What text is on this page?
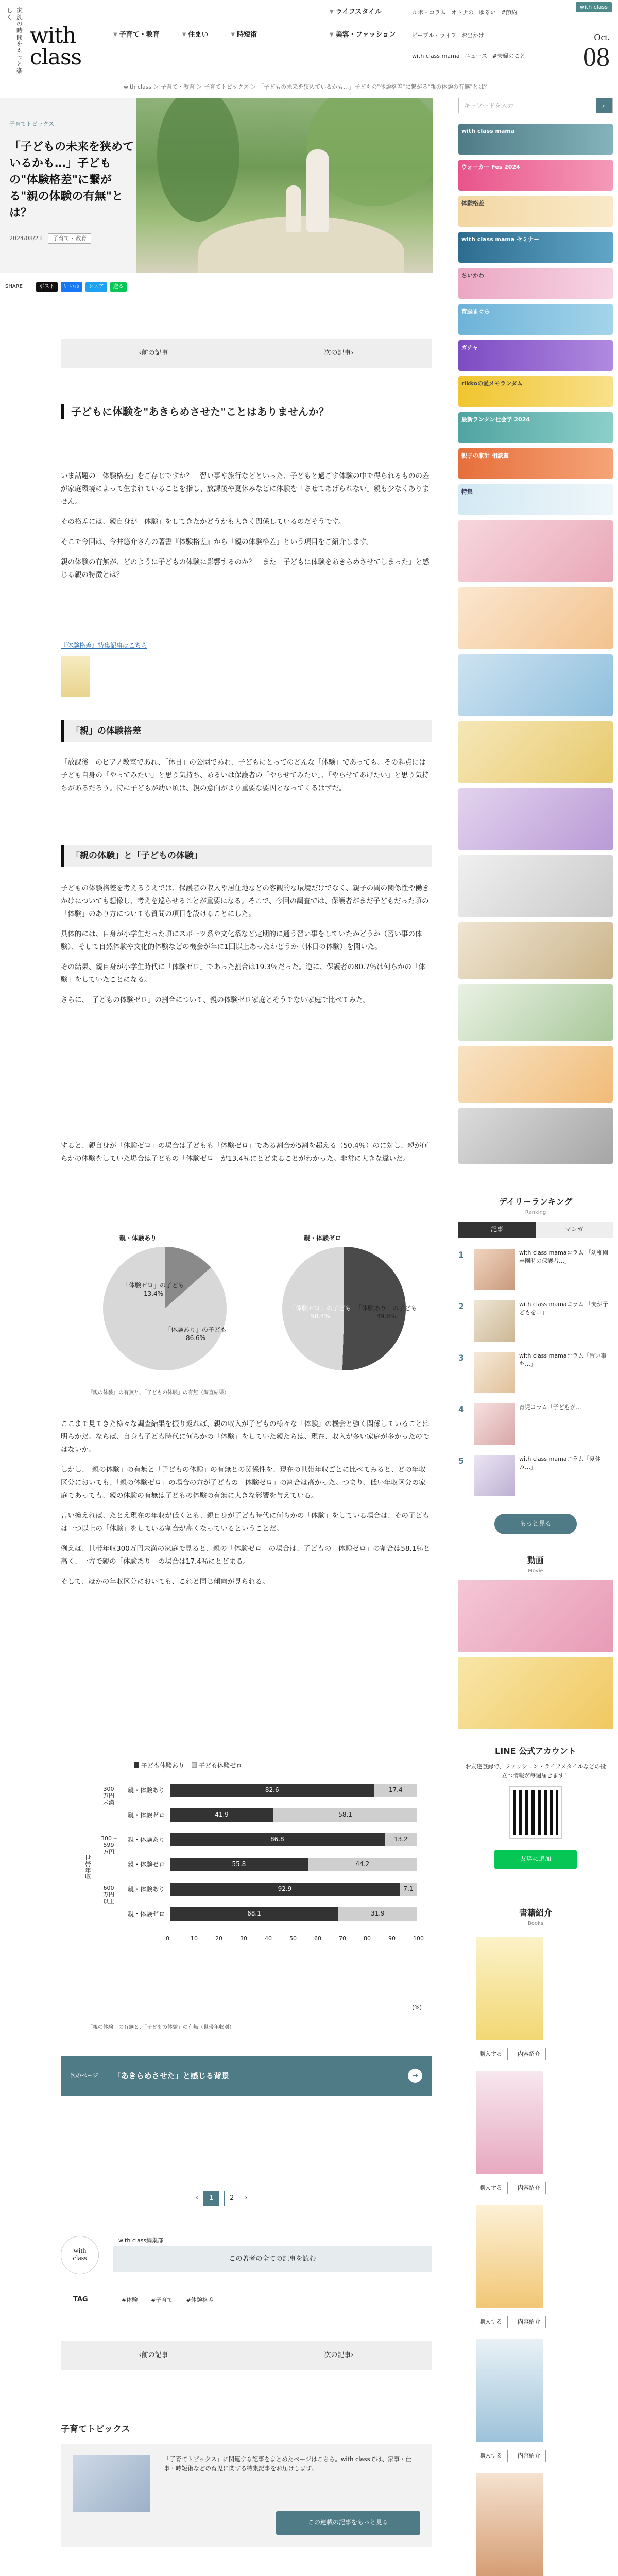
家族の時間をもっと楽しく
with
class
▼ 子育て・教育	▼ 住まい	▼ 時短術
▼ ライフスタイル
▼ 美容・ファッション
ルポ・コラム オトナの ゆるい #節約
ピープル・ライフ お出かけ
with class mama ニュース #夫婦のこと
with class
Oct.
08
with class ＞ 子育て・教育 ＞ 子育てトピックス ＞ 「子どもの未来を狭めているかも…」子どもの"体験格差"に繋がる"親の体験の有無"とは？
子育てトピックス
「子どもの未来を狭めているかも…」子どもの"体験格差"に繋がる"親の体験の有無"とは？
2024/08/23	子育て・教育
SHARE	ポスト	いいね	シェア	送る
‹ 前の記事	次の記事 ›
子どもに体験を"あきらめさせた"ことはありませんか？

いま話題の「体験格差」をご存じですか？　習い事や旅行などといった、子どもと過ごす体験の中で得られるものの差が家庭環境によって生まれていることを指し、放課後や夏休みなどに体験を「させてあげられない」親も少なくありません。

その格差には、親自身が「体験」をしてきたかどうかも大きく関係しているのだそうです。

そこで今回は、今井悠介さんの著書『体験格差』から「親の体験格差」という項目をご紹介します。

親の体験の有無が、どのように子どもの体験に影響するのか？　また「子どもに体験をあきらめさせてしまった」と感じる親の特徴とは？

『体験格差』特集記事はこちら
「親」の体験格差

「放課後」のピアノ教室であれ、「休日」の公園であれ、子どもにとってのどんな「体験」であっても、その起点には子ども自身の「やってみたい」と思う気持ち、あるいは保護者の「やらせてみたい」、「やらせてあげたい」と思う気持ちがあるだろう。特に子どもが幼い頃は、親の意向がより重要な要因となってくるはずだ。

「親の体験」と「子どもの体験」

子どもの体験格差を考えるうえでは、保護者の収入や居住地などの客観的な環境だけでなく、親子の間の関係性や働きかけについても想像し、考えを巡らせることが重要になる。そこで、今回の調査では、保護者がまだ子どもだった頃の「体験」のあり方についても質問の項目を設けることにした。

具体的には、自身が小学生だった頃にスポーツ系や文化系など定期的に通う習い事をしていたかどうか（習い事の体験）、そして自然体験や文化的体験などの機会が年に1回以上あったかどうか（休日の体験）を聞いた。

その結果、親自身が小学生時代に「体験ゼロ」であった割合は19.3％だった。逆に、保護者の80.7％は何らかの「体験」をしていたことになる。

さらに、「子どもの体験ゼロ」の割合について、親の体験ゼロ家庭とそうでない家庭で比べてみた。

すると、親自身が「体験ゼロ」の場合は子どもも「体験ゼロ」である割合が5割を超える（50.4％）のに対し、親が何らかの体験をしていた場合は子どもの「体験ゼロ」が13.4％にとどまることがわかった。非常に大きな違いだ。

親・体験あり
「体験ゼロ」の子ども
13.4%
「体験あり」の子ども
86.6%
親・体験ゼロ
「体験ゼロ」の子ども
50.4%
「体験あり」の子ども
49.6%
『親の体験』の有無と、「子どもの体験」の有無（調査結果）

ここまで見てきた様々な調査結果を振り返れば、親の収入が子どもの様々な「体験」の機会と強く関係していることは明らかだ。ならば、自身も子ども時代に何らかの「体験」をしていた親たちは、現在、収入が多い家庭が多かったのではないか。

しかし、「親の体験」の有無と「子どもの体験」の有無との関係性を、現在の世帯年収ごとに比べてみると、どの年収区分においても、「親の体験ゼロ」の場合の方が子どもの「体験ゼロ」の割合は高かった。つまり、低い年収区分の家庭であっても、親の体験の有無は子どもの体験の有無に大きな影響を与えている。

言い換えれば、たとえ現在の年収が低くとも、親自身が子ども時代に何らかの「体験」をしている場合は、その子どもは一つ以上の「体験」をしている割合が高くなっているということだ。

例えば、世帯年収300万円未満の家庭で見ると、親の「体験ゼロ」の場合は、子どもの「体験ゼロ」の割合は58.1％と高く、一方で親の「体験あり」の場合は17.4％にとどまる。

そして、ほかの年収区分においても、これと同じ傾向が見られる。

子ども体験あり	子ども体験ゼロ
世帯年収
親・体験あり	82.6	17.4
親・体験ゼロ	41.9	58.1
親・体験あり	86.8	13.2
親・体験ゼロ	55.8	44.2
親・体験あり	92.9	7.1
親・体験ゼロ	68.1	31.9
300万円未満
300〜599万円
600万円以上
0	10	20	30	40	50	60	70	80	90	100
(%)
「親の体験」の有無と、「子どもの体験」の有無（世帯年収別）
次のページ	「あきらめさせた」と感じる背景	→
‹	1	2	›
with
class
with class編集部
この著者の全ての記事を読む
TAG	#体験 #子育て #体験格差
‹ 前の記事	次の記事 ›
子育てトピックス
「子育てトピックス」に関連する記事をまとめたページはこちら。with classでは、家事・仕事・時短術などの育児に関する特集記事をお届けします。
この連載の記事をもっと見る
キーワードを入力	⌕
with class mama
ウォーカー Fes 2024
体験格差
with class mama セミナー
ちいかわ
育脳まぐら
ガチャ
rikkoの愛メモランダム
最新ランタン社会学 2024
親子の家計 相談室
特集
デイリーランキング
Ranking
記事	マンガ
1	with class mamaコラム 「幼稚園卒園時の保護者…」
2	with class mamaコラム 「夫が子どもを…」
3	with class mamaコラム「習い事を…」
4	育児コラム「子どもが…」
5	with class mamaコラム「夏休み…」
もっと見る
動画
Movie
LINE 公式アカウント
お友達登録で、ファッション・ライフスタイルなどの役立つ情報が毎週届きます！
友達に追加
書籍紹介
Books
購入する	内容紹介
購入する	内容紹介
購入する	内容紹介
購入する	内容紹介
